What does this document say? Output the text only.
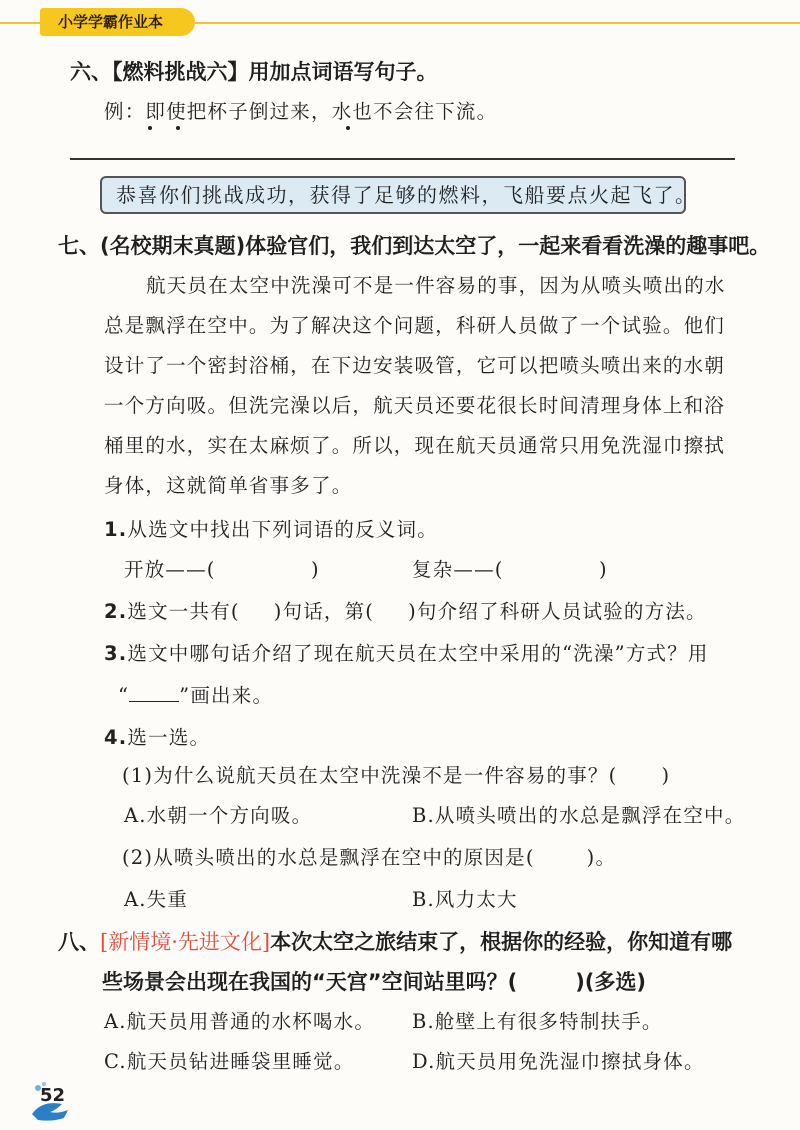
小学学霸作业本
六、【燃料挑战六】用加点词语写句子。
例：即使把杯子倒过来，水也不会往下流。
恭喜你们挑战成功，获得了足够的燃料，飞船要点火起飞了。
七、(名校期末真题)体验官们，我们到达太空了，一起来看看洗澡的趣事吧。
航天员在太空中洗澡可不是一件容易的事，因为从喷头喷出的水
总是飘浮在空中。为了解决这个问题，科研人员做了一个试验。他们
设计了一个密封浴桶，在下边安装吸管，它可以把喷头喷出来的水朝
一个方向吸。但洗完澡以后，航天员还要花很长时间清理身体上和浴
桶里的水，实在太麻烦了。所以，现在航天员通常只用免洗湿巾擦拭
身体，这就简单省事多了。
1.从选文中找出下列词语的反义词。
开放——(	)	复杂——(	)
2.选文一共有( )句话，第( )句介绍了科研人员试验的方法。
3.选文中哪句话介绍了现在航天员在太空中采用的“洗澡”方式？用
“	”画出来。
4.选一选。
(1)为什么说航天员在太空中洗澡不是一件容易的事？( )
A.水朝一个方向吸。	B.从喷头喷出的水总是飘浮在空中。
(2)从喷头喷出的水总是飘浮在空中的原因是(	)。
A.失重	B.风力太大
八、[新情境·先进文化]本次太空之旅结束了，根据你的经验，你知道有哪
些场景会出现在我国的“天宫”空间站里吗？(	)(多选)
A.航天员用普通的水杯喝水。 B.舱壁上有很多特制扶手。
C.航天员钻进睡袋里睡觉。	D.航天员用免洗湿巾擦拭身体。
52
